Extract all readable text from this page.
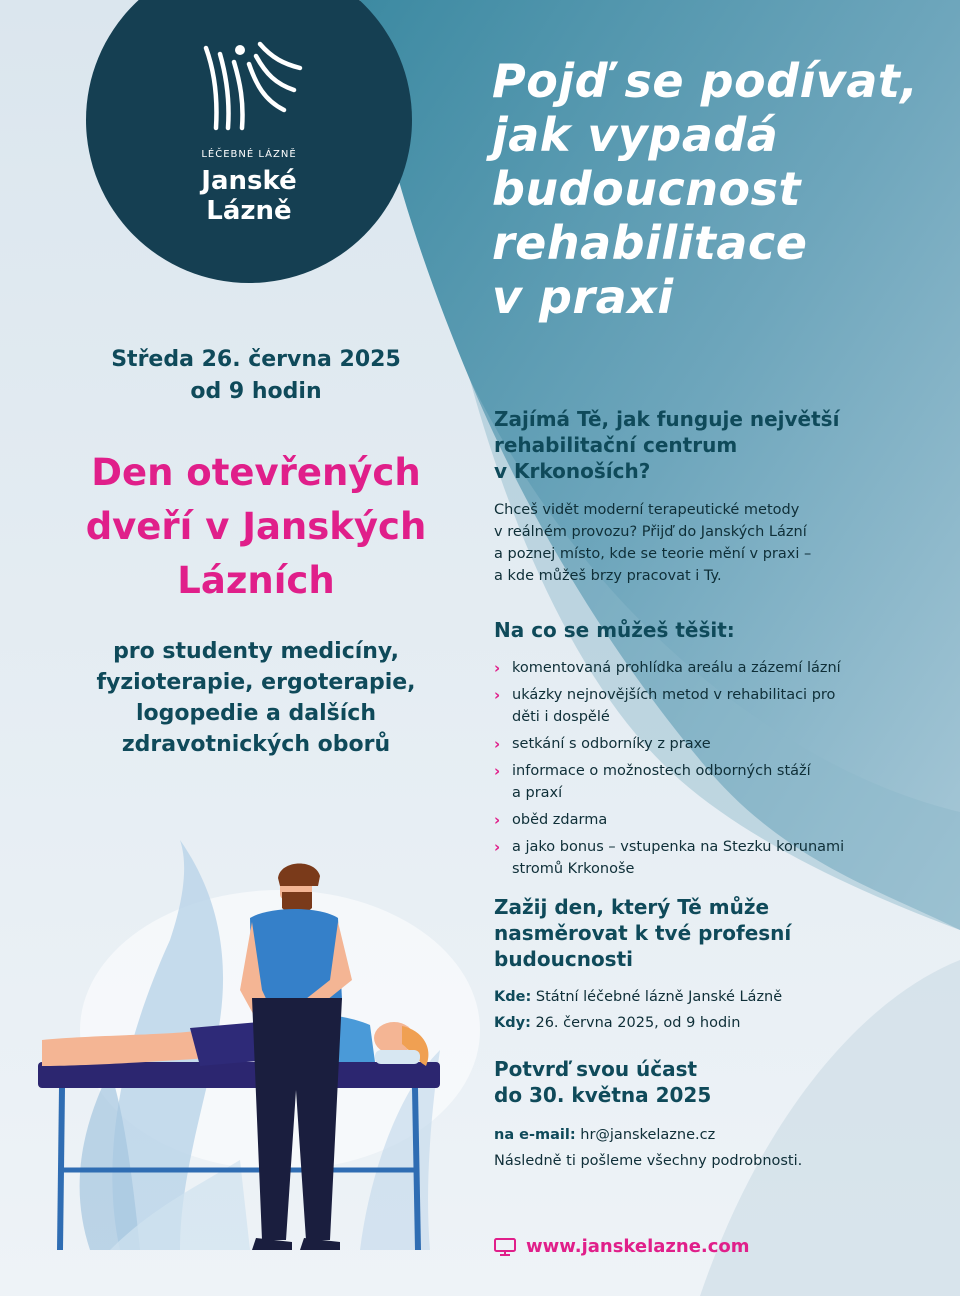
LÉČEBNÉ LÁZNĚ
Janské
Lázně
Pojď se podívat,
jak vypadá
budoucnost
rehabilitace
v praxi
Středa 26. června 2025
od 9 hodin
Den otevřených
dveří v Janských
Lázních
pro studenty medicíny,
fyzioterapie, ergoterapie,
logopedie a dalších
zdravotnických oborů
Zajímá Tě, jak funguje největší
rehabilitační centrum
v Krkonoších?
Chceš vidět moderní terapeutické metody
v reálném provozu? Přijď do Janských Lázní
a poznej místo, kde se teorie mění v praxi –
a kde můžeš brzy pracovat i Ty.
Na co se můžeš těšit:
› komentovaná prohlídka areálu a zázemí lázní
› ukázky nejnovějších metod v rehabilitaci pro
děti i dospělé
› setkání s odborníky z praxe
› informace o možnostech odborných stáží
a praxí
› oběd zdarma
› a jako bonus – vstupenka na Stezku korunami
stromů Krkonoše
Zažij den, který Tě může
nasměrovat k tvé profesní
budoucnosti
Kde: Státní léčebné lázně Janské Lázně
Kdy: 26. června 2025, od 9 hodin
Potvrď svou účast
do 30. května 2025
na e-mail: hr@janskelazne.cz
Následně ti pošleme všechny podrobnosti.
www.janskelazne.com
